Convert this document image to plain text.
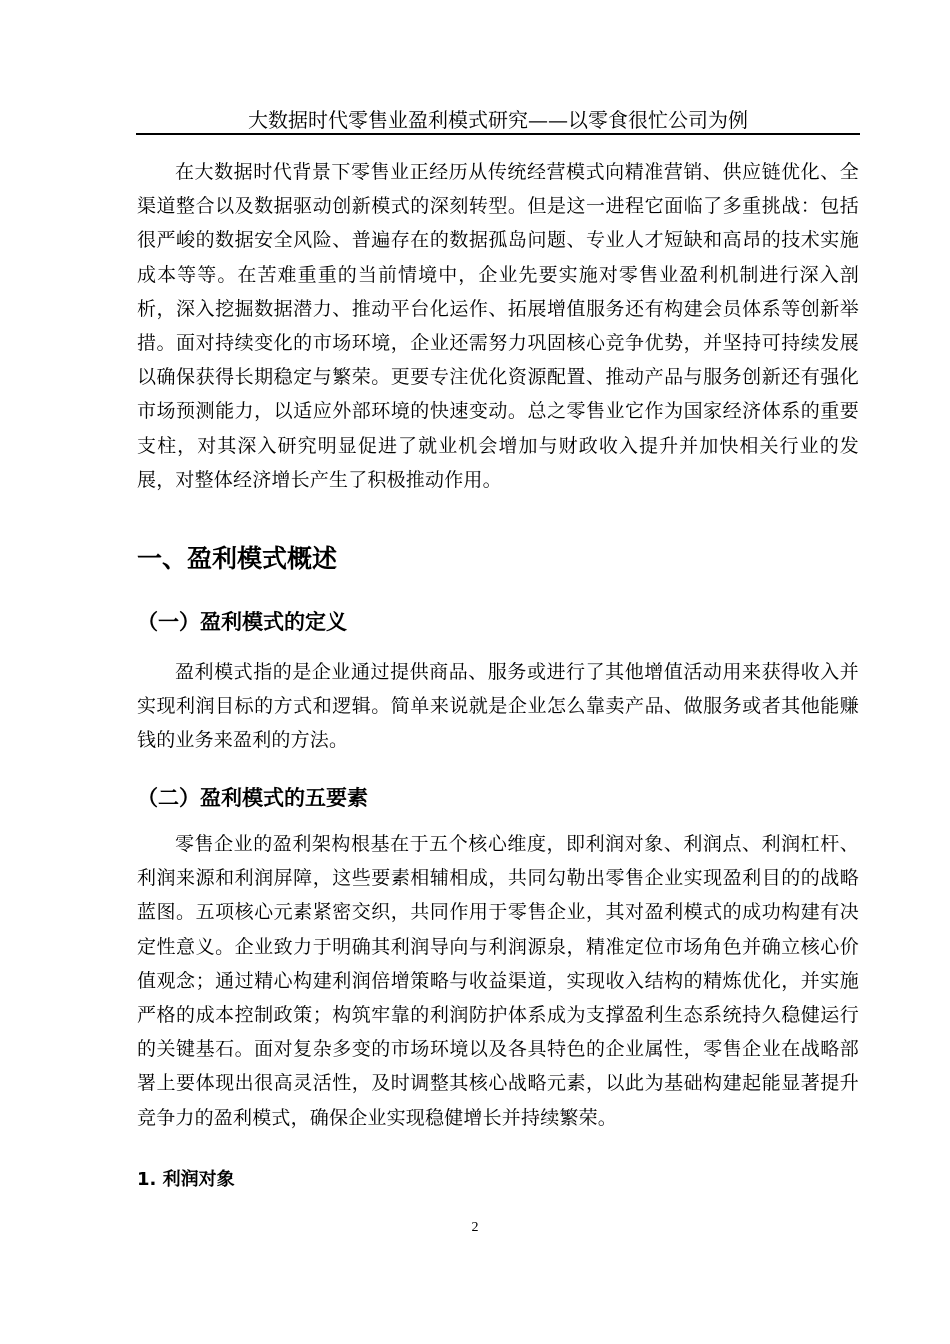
大数据时代零售业盈利模式研究——以零食很忙公司为例

在大数据时代背景下零售业正经历从传统经营模式向精准营销、供应链优化、全渠道整合以及数据驱动创新模式的深刻转型。但是这一进程它面临了多重挑战：包括很严峻的数据安全风险、普遍存在的数据孤岛问题、专业人才短缺和高昂的技术实施成本等等。在苦难重重的当前情境中，企业先要实施对零售业盈利机制进行深入剖析，深入挖掘数据潜力、推动平台化运作、拓展增值服务还有构建会员体系等创新举措。面对持续变化的市场环境，企业还需努力巩固核心竞争优势，并坚持可持续发展以确保获得长期稳定与繁荣。更要专注优化资源配置、推动产品与服务创新还有强化市场预测能力，以适应外部环境的快速变动。总之零售业它作为国家经济体系的重要支柱，对其深入研究明显促进了就业机会增加与财政收入提升并加快相关行业的发展，对整体经济增长产生了积极推动作用。

一、盈利模式概述
（一）盈利模式的定义

盈利模式指的是企业通过提供商品、服务或进行了其他增值活动用来获得收入并实现利润目标的方式和逻辑。简单来说就是企业怎么靠卖产品、做服务或者其他能赚钱的业务来盈利的方法。

（二）盈利模式的五要素

零售企业的盈利架构根基在于五个核心维度，即利润对象、利润点、利润杠杆、利润来源和利润屏障，这些要素相辅相成，共同勾勒出零售企业实现盈利目的的战略蓝图。五项核心元素紧密交织，共同作用于零售企业，其对盈利模式的成功构建有决定性意义。企业致力于明确其利润导向与利润源泉，精准定位市场角色并确立核心价值观念；通过精心构建利润倍增策略与收益渠道，实现收入结构的精炼优化，并实施严格的成本控制政策；构筑牢靠的利润防护体系成为支撑盈利生态系统持久稳健运行的关键基石。面对复杂多变的市场环境以及各具特色的企业属性，零售企业在战略部署上要体现出很高灵活性，及时调整其核心战略元素，以此为基础构建起能显著提升竞争力的盈利模式，确保企业实现稳健增长并持续繁荣。

1. 利润对象
2
